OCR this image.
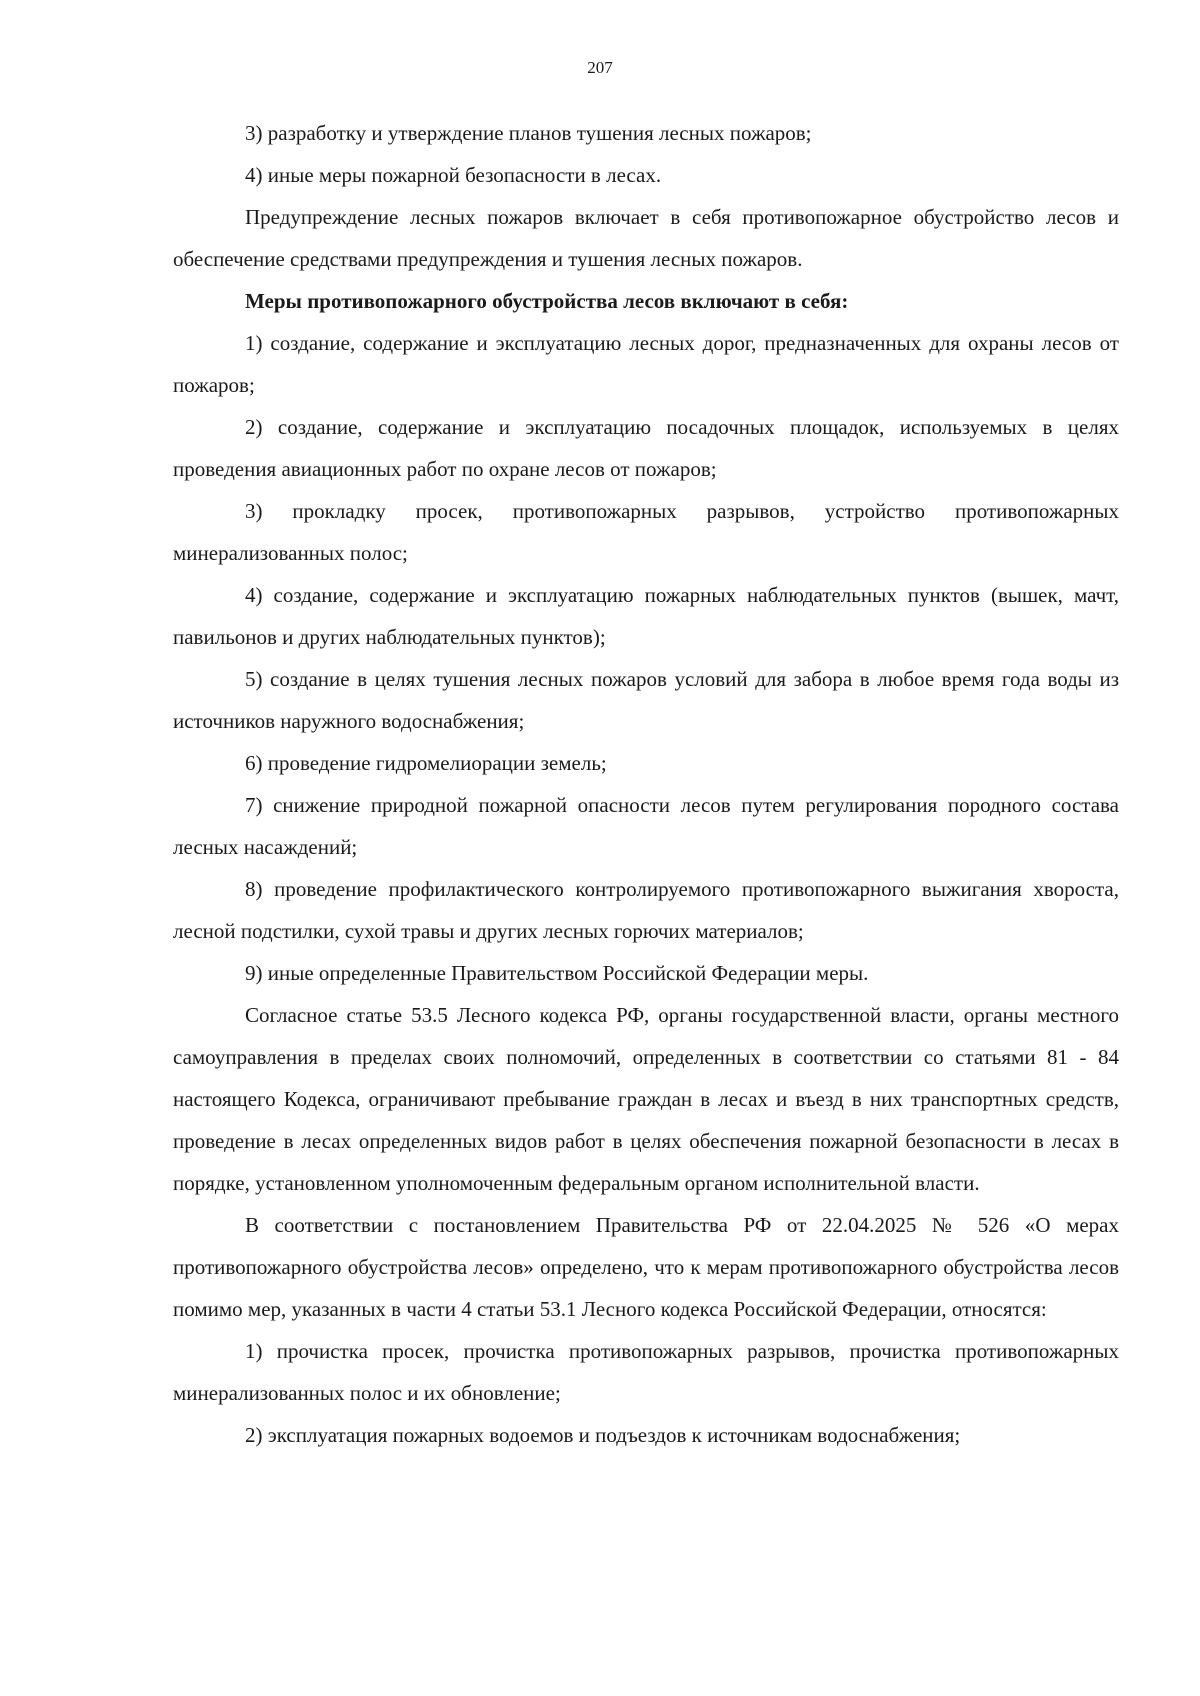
207

3) разработку и утверждение планов тушения лесных пожаров;

4) иные меры пожарной безопасности в лесах.

Предупреждение лесных пожаров включает в себя противопожарное обустройство лесов и обеспечение средствами предупреждения и тушения лесных пожаров.

Меры противопожарного обустройства лесов включают в себя:

1) создание, содержание и эксплуатацию лесных дорог, предназначенных для охраны лесов от пожаров;

2) создание, содержание и эксплуатацию посадочных площадок, используемых в целях проведения авиационных работ по охране лесов от пожаров;

3) прокладку просек, противопожарных разрывов, устройство противопожарных минерализованных полос;

4) создание, содержание и эксплуатацию пожарных наблюдательных пунктов (вышек, мачт, павильонов и других наблюдательных пунктов);

5) создание в целях тушения лесных пожаров условий для забора в любое время года воды из источников наружного водоснабжения;

6) проведение гидромелиорации земель;

7) снижение природной пожарной опасности лесов путем регулирования породного состава лесных насаждений;

8) проведение профилактического контролируемого противопожарного выжигания хвороста, лесной подстилки, сухой травы и других лесных горючих материалов;

9) иные определенные Правительством Российской Федерации меры.

Согласное статье 53.5 Лесного кодекса РФ, органы государственной власти, органы местного самоуправления в пределах своих полномочий, определенных в соответствии со статьями 81 - 84 настоящего Кодекса, ограничивают пребывание граждан в лесах и въезд в них транспортных средств, проведение в лесах определенных видов работ в целях обеспечения пожарной безопасности в лесах в порядке, установленном уполномоченным федеральным органом исполнительной власти.

В соответствии с постановлением Правительства РФ от 22.04.2025 № 526 «О мерах противопожарного обустройства лесов» определено, что к мерам противопожарного обустройства лесов помимо мер, указанных в части 4 статьи 53.1 Лесного кодекса Российской Федерации, относятся:

1) прочистка просек, прочистка противопожарных разрывов, прочистка противопожарных минерализованных полос и их обновление;

2) эксплуатация пожарных водоемов и подъездов к источникам водоснабжения;
